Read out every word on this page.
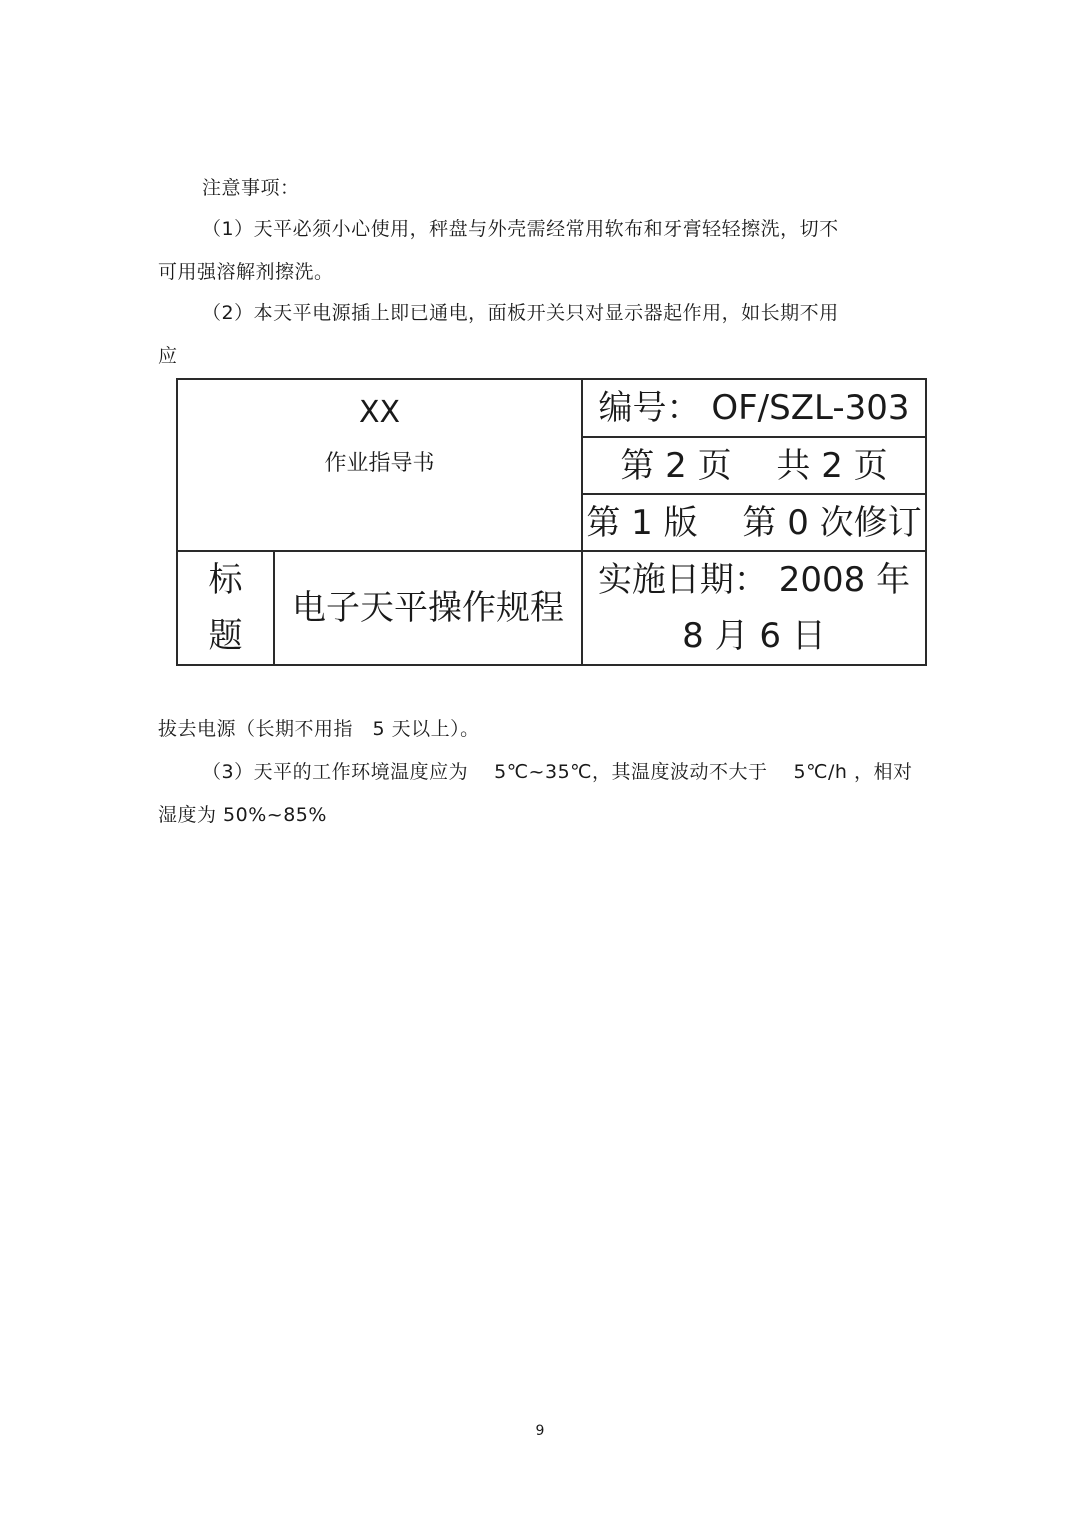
注意事项：
（1）天平必须小心使用，秤盘与外壳需经常用软布和牙膏轻轻擦洗，切不
可用强溶解剂擦洗。
（2）本天平电源插上即已通电，面板开关只对显示器起作用，如长期不用
应
XX
作业指导书		编号： OF/SZL-303
		第 2 页　 共 2 页
		第 1 版　 第 0 次修订

标题	电子天平操作规程	实施日期： 2008 年 8 月 6 日
拔去电源（长期不用指　5 天以上）。
（3）天平的工作环境温度应为　 5℃~35℃，其温度波动不大于　 5℃/h ，相对
湿度为 50%~85%
9
